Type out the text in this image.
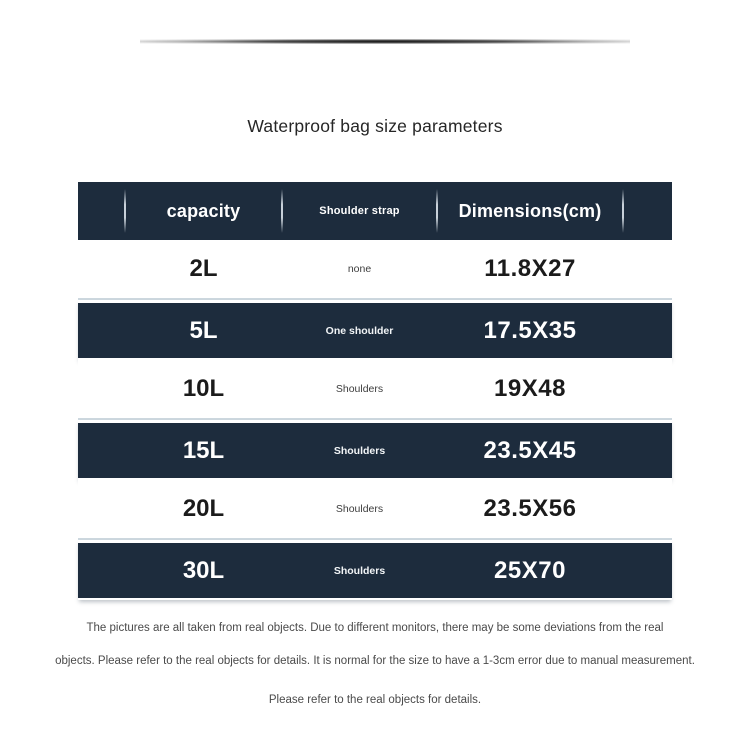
Waterproof bag size parameters
capacity	Shoulder strap	Dimensions(cm)
2L	none	11.8X27
5L	One shoulder	17.5X35
10L	Shoulders	19X48
15L	Shoulders	23.5X45
20L	Shoulders	23.5X56
30L	Shoulders	25X70
The pictures are all taken from real objects. Due to different monitors, there may be some deviations from the real
objects. Please refer to the real objects for details. It is normal for the size to have a 1-3cm error due to manual measurement.
Please refer to the real objects for details.
